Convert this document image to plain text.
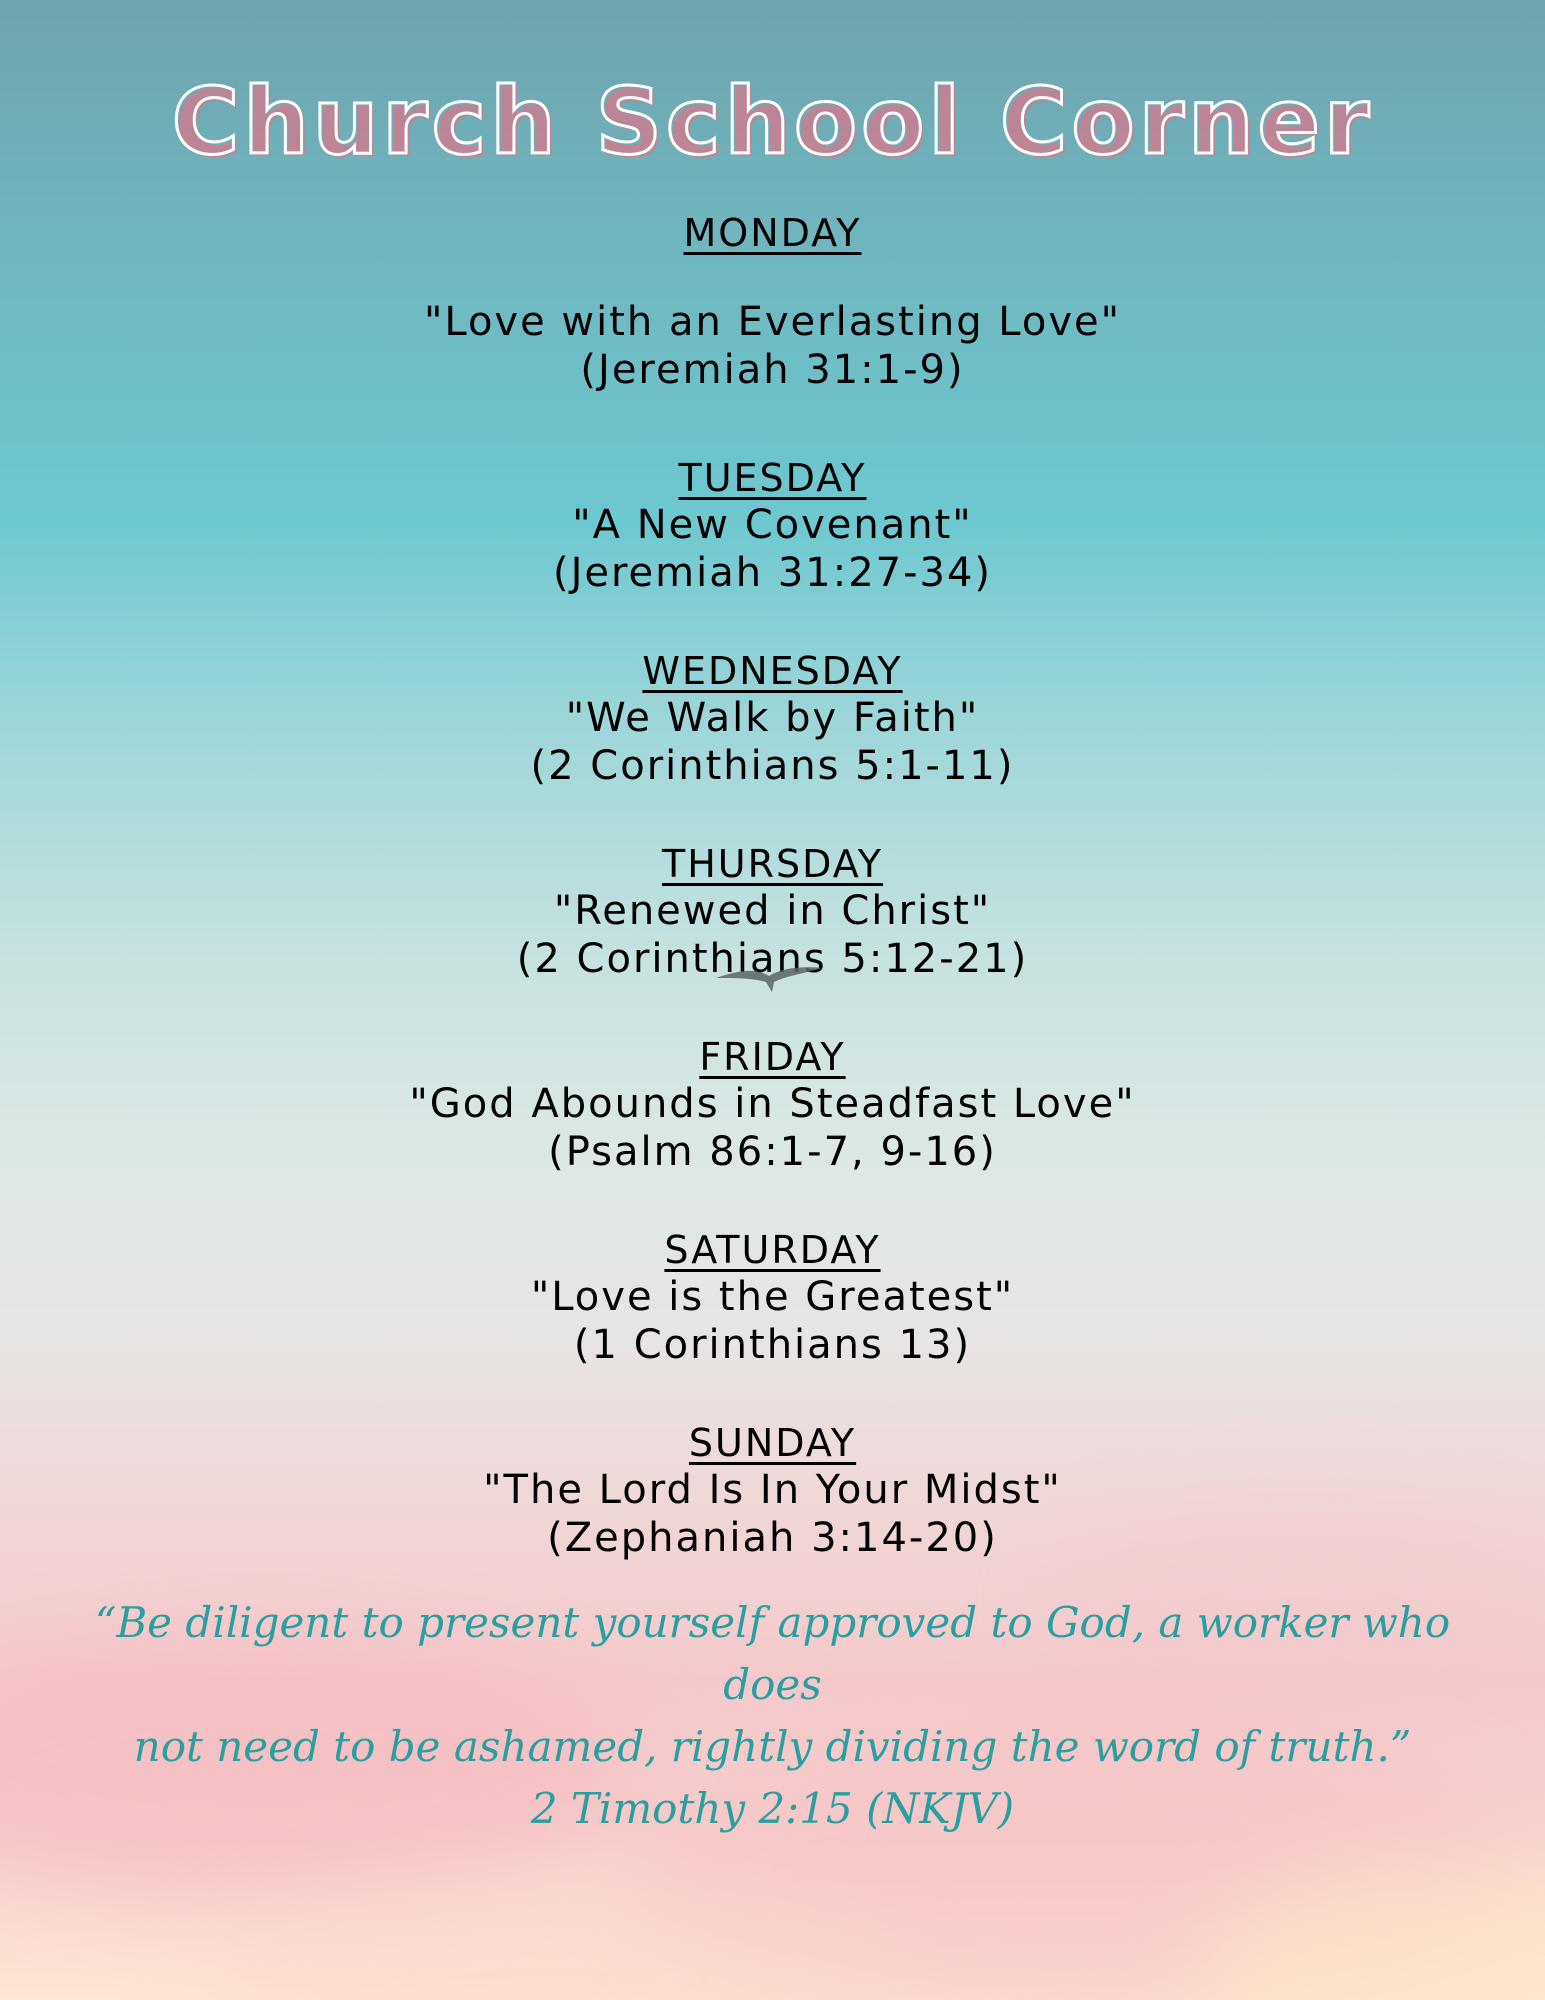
Church School Corner
MONDAY
"Love with an Everlasting Love"
(Jeremiah 31:1-9)
TUESDAY
"A New Covenant"
(Jeremiah 31:27-34)
WEDNESDAY
"We Walk by Faith"
(2 Corinthians 5:1-11)
THURSDAY
"Renewed in Christ"
(2 Corinthians 5:12-21)
FRIDAY
"God Abounds in Steadfast Love"
(Psalm 86:1-7, 9-16)
SATURDAY
"Love is the Greatest"
(1 Corinthians 13)
SUNDAY
"The Lord Is In Your Midst"
(Zephaniah 3:14-20)
“Be diligent to present yourself approved to God, a worker who does
not need to be ashamed, rightly dividing the word of truth.”
2 Timothy 2:15 (NKJV)
